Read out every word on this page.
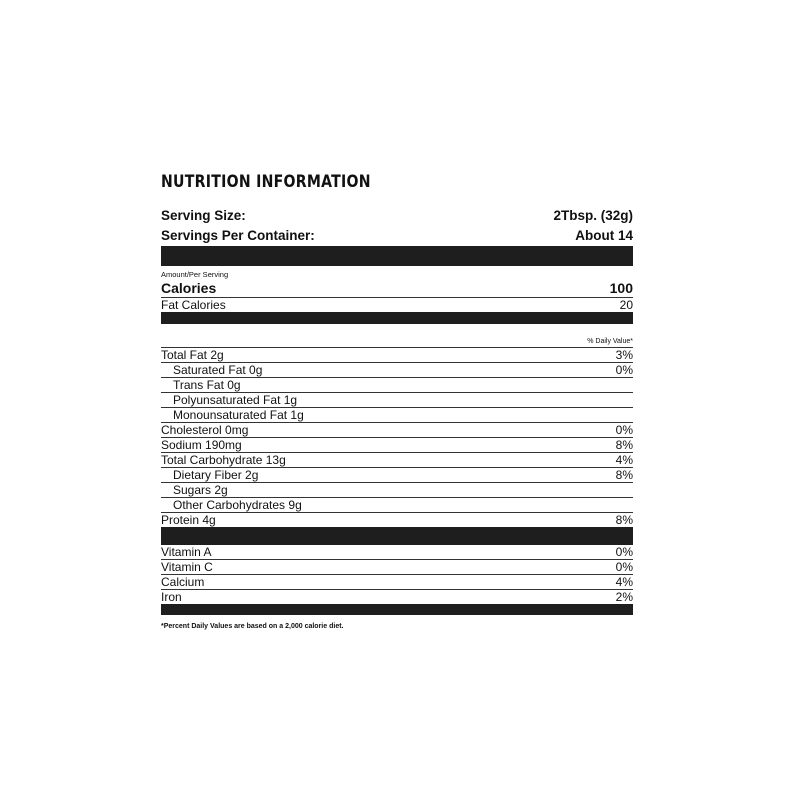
NUTRITION INFORMATION
Serving Size:	2Tbsp. (32g)
Servings Per Container:	About 14
Amount/Per Serving
Calories	100
Fat Calories	20
% Daily Value*
Total Fat 2g	3%
Saturated Fat 0g	0%
Trans Fat 0g
Polyunsaturated Fat 1g
Monounsaturated Fat 1g
Cholesterol 0mg	0%
Sodium 190mg	8%
Total Carbohydrate 13g	4%
Dietary Fiber 2g	8%
Sugars 2g
Other Carbohydrates 9g
Protein 4g	8%
Vitamin A	0%
Vitamin C	0%
Calcium	4%
Iron	2%
*Percent Daily Values are based on a 2,000 calorie diet.
